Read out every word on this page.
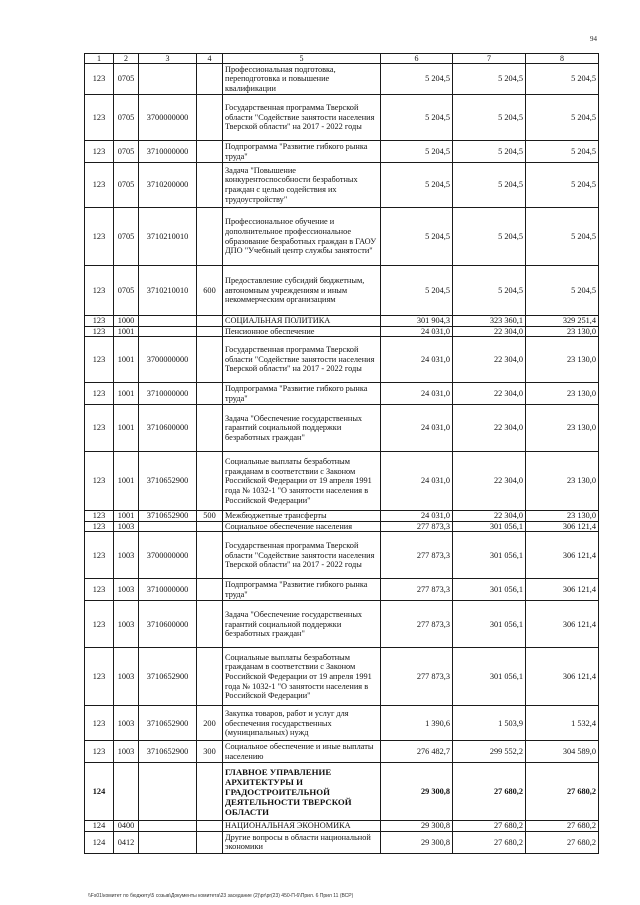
94
1	2	3	4	5	6	7	8
123	0705			Профессиональная подготовка, переподготовка и повышение квалификации	5 204,5	5 204,5	5 204,5
123	0705	3700000000		Государственная программа Тверской области "Содействие занятости населения Тверской области" на 2017 - 2022 годы	5 204,5	5 204,5	5 204,5
123	0705	3710000000		Подпрограмма "Развитие гибкого рынка труда"	5 204,5	5 204,5	5 204,5
123	0705	3710200000		Задача "Повышение конкурентоспособности безработных граждан с целью содействия их трудоустройству"	5 204,5	5 204,5	5 204,5
123	0705	3710210010		Профессиональное обучение и дополнительное профессиональное образование безработных граждан в ГАОУ ДПО "Учебный центр службы занятости"	5 204,5	5 204,5	5 204,5
123	0705	3710210010	600	Предоставление субсидий бюджетным, автономным учреждениям и иным некоммерческим организациям	5 204,5	5 204,5	5 204,5
123	1000			СОЦИАЛЬНАЯ ПОЛИТИКА	301 904,3	323 360,1	329 251,4
123	1001			Пенсионное обеспечение	24 031,0	22 304,0	23 130,0
123	1001	3700000000		Государственная программа Тверской области "Содействие занятости населения Тверской области" на 2017 - 2022 годы	24 031,0	22 304,0	23 130,0
123	1001	3710000000		Подпрограмма "Развитие гибкого рынка труда"	24 031,0	22 304,0	23 130,0
123	1001	3710600000		Задача "Обеспечение государственных гарантий социальной поддержки безработных граждан"	24 031,0	22 304,0	23 130,0
123	1001	3710652900		Социальные выплаты безработным гражданам в соответствии с Законом Российской Федерации от 19 апреля 1991 года № 1032-1 "О занятости населения в Российской Федерации"	24 031,0	22 304,0	23 130,0
123	1001	3710652900	500	Межбюджетные трансферты	24 031,0	22 304,0	23 130,0
123	1003			Социальное обеспечение населения	277 873,3	301 056,1	306 121,4
123	1003	3700000000		Государственная программа Тверской области "Содействие занятости населения Тверской области" на 2017 - 2022 годы	277 873,3	301 056,1	306 121,4
123	1003	3710000000		Подпрограмма "Развитие гибкого рынка труда"	277 873,3	301 056,1	306 121,4
123	1003	3710600000		Задача "Обеспечение государственных гарантий социальной поддержки безработных граждан"	277 873,3	301 056,1	306 121,4
123	1003	3710652900		Социальные выплаты безработным гражданам в соответствии с Законом Российской Федерации от 19 апреля 1991 года № 1032-1 "О занятости населения в Российской Федерации"	277 873,3	301 056,1	306 121,4
123	1003	3710652900	200	Закупка товаров, работ и услуг для обеспечения государственных (муниципальных) нужд	1 390,6	1 503,9	1 532,4
123	1003	3710652900	300	Социальное обеспечение и иные выплаты населению	276 482,7	299 552,2	304 589,0
124				ГЛАВНОЕ УПРАВЛЕНИЕ АРХИТЕКТУРЫ И ГРАДОСТРОИТЕЛЬНОЙ ДЕЯТЕЛЬНОСТИ ТВЕРСКОЙ ОБЛАСТИ	29 300,8	27 680,2	27 680,2
124	0400			НАЦИОНАЛЬНАЯ ЭКОНОМИКА	29 300,8	27 680,2	27 680,2
124	0412			Другие вопросы в области национальной экономики	29 300,8	27 680,2	27 680,2
\\Fs01\комитет по бюджету\5 созыв\Документы комитета\23 заседание (2)\pr\pr(23) 450-П-6\Прил. 6 Прил 11 (ВСР)
